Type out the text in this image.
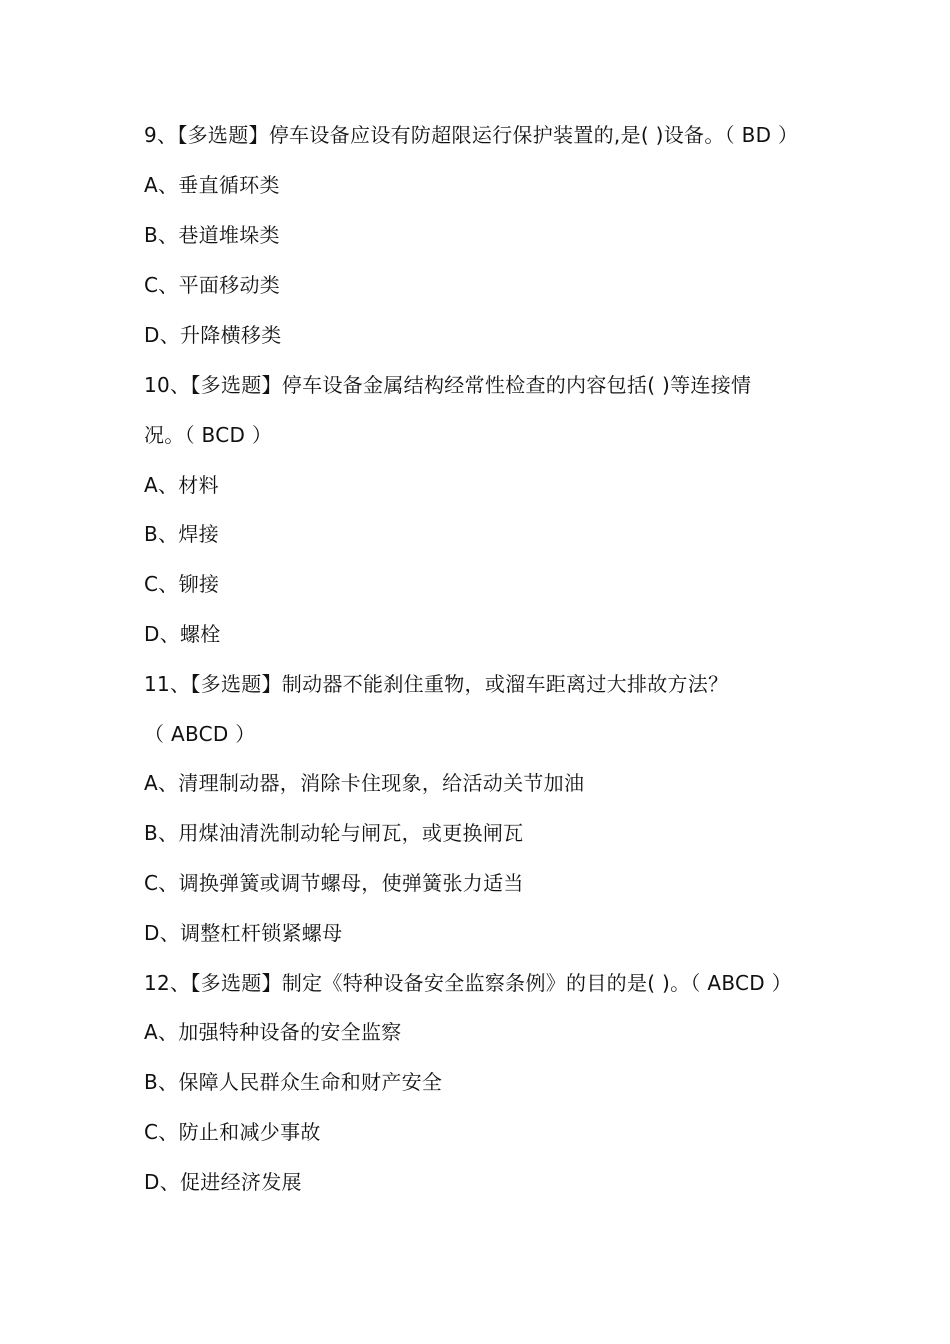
9、【多选题】停车设备应设有防超限运行保护装置的,是( )设备。（ BD ）
A、垂直循环类
B、巷道堆垛类
C、平面移动类
D、升降横移类
10、【多选题】停车设备金属结构经常性检查的内容包括( )等连接情
况。（ BCD ）
A、材料
B、焊接
C、铆接
D、螺栓
11、【多选题】制动器不能刹住重物，或溜车距离过大排故方法？
（ ABCD ）
A、清理制动器，消除卡住现象，给活动关节加油
B、用煤油清洗制动轮与闸瓦，或更换闸瓦
C、调换弹簧或调节螺母，使弹簧张力适当
D、调整杠杆锁紧螺母
12、【多选题】制定《特种设备安全监察条例》的目的是( )。（ ABCD ）
A、加强特种设备的安全监察
B、保障人民群众生命和财产安全
C、防止和减少事故
D、促进经济发展
